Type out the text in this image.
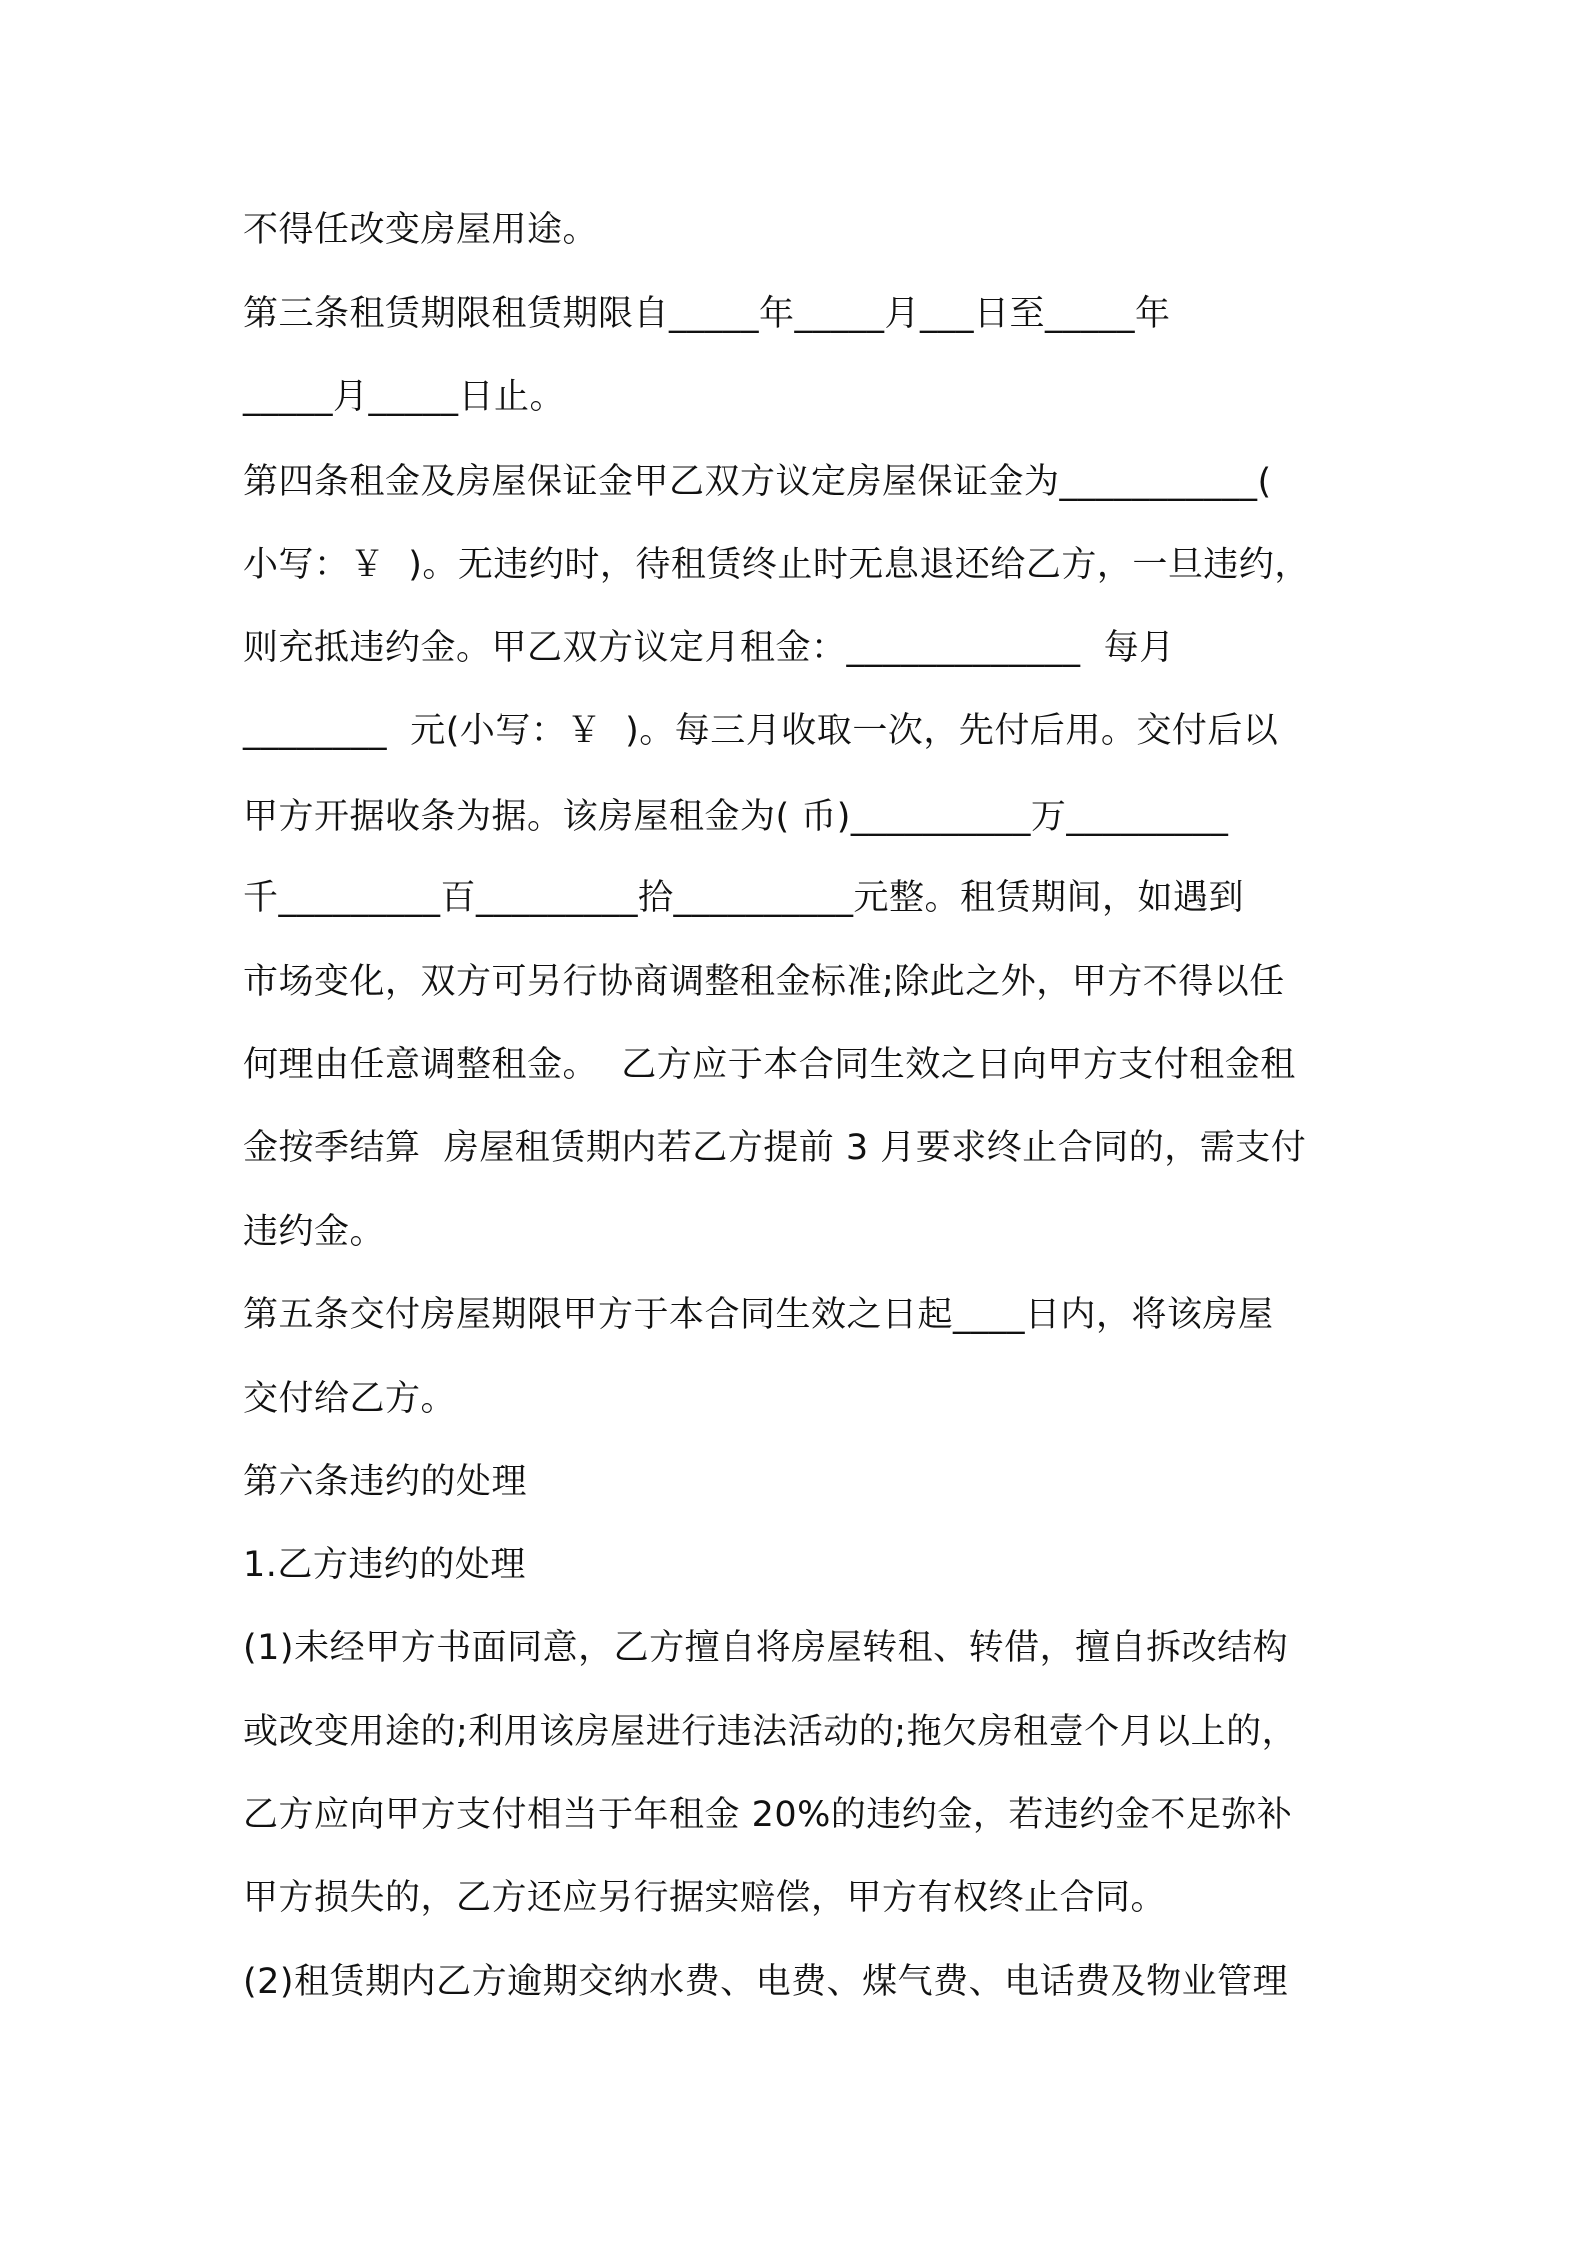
不得任改变房屋用途。

第三条租赁期限租赁期限自_____年_____月___日至_____年

_____月_____日止。

第四条租金及房屋保证金甲乙双方议定房屋保证金为___________(

小写：￥  )。无违约时，待租赁终止时无息退还给乙方，一旦违约，

则充抵违约金。甲乙双方议定月租金：_____________  每月

________  元(小写：￥  )。每三月收取一次，先付后用。交付后以

甲方开据收条为据。该房屋租金为( 币)__________万_________

千_________百_________拾__________元整。租赁期间，如遇到

市场变化，双方可另行协商调整租金标准;除此之外，甲方不得以任

何理由任意调整租金。  乙方应于本合同生效之日向甲方支付租金租

金按季结算  房屋租赁期内若乙方提前 3 月要求终止合同的，需支付

违约金。

第五条交付房屋期限甲方于本合同生效之日起____日内，将该房屋

交付给乙方。

第六条违约的处理

1.乙方违约的处理

(1)未经甲方书面同意，乙方擅自将房屋转租、转借，擅自拆改结构

或改变用途的;利用该房屋进行违法活动的;拖欠房租壹个月以上的，

乙方应向甲方支付相当于年租金 20%的违约金，若违约金不足弥补

甲方损失的，乙方还应另行据实赔偿，甲方有权终止合同。

(2)租赁期内乙方逾期交纳水费、电费、煤气费、电话费及物业管理
